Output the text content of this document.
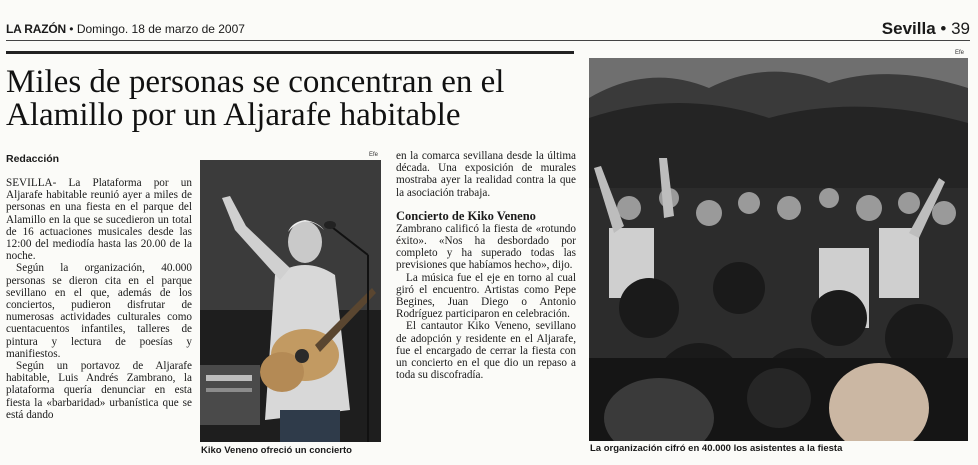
LA RAZÓN • Domingo. 18 de marzo de 2007	Sevilla • 39
Miles de personas se concentran en el Alamillo por un Aljarafe habitable
Redacción

SEVILLA- La Plataforma por un Aljarafe habitable reunió ayer a miles de personas en una fiesta en el parque del Alamillo en la que se sucedieron un total de 16 actuaciones musicales desde las 12:00 del mediodía hasta las 20.00 de la noche.

Según la organización, 40.000 personas se dieron cita en el parque sevillano en el que, además de los conciertos, pudieron disfrutar de numerosas actividades culturales como cuentacuentos infantiles, talleres de pintura y lectura de poesías y manifiestos.

Según un portavoz de Aljarafe habitable, Luis Andrés Zambrano, la plataforma quería denunciar en esta fiesta la «barbaridad» urbanística que se está dando

Efe
Kiko Veneno ofreció un concierto

en la comarca sevillana desde la última década. Una exposición de murales mostraba ayer la realidad contra la que la asociación trabaja.

Concierto de Kiko Veneno

Zambrano calificó la fiesta de «rotundo éxito». «Nos ha desbordado por completo y ha superado todas las previsiones que habíamos hecho», dijo.

La música fue el eje en torno al cual giró el encuentro. Artistas como Pepe Begines, Juan Diego o Antonio Rodríguez participaron en celebración.

El cantautor Kiko Veneno, sevillano de adopción y residente en el Aljarafe, fue el encargado de cerrar la fiesta con un concierto en el que dio un repaso a toda su discofradía.

Efe
La organización cifró en 40.000 los asistentes a la fiesta
